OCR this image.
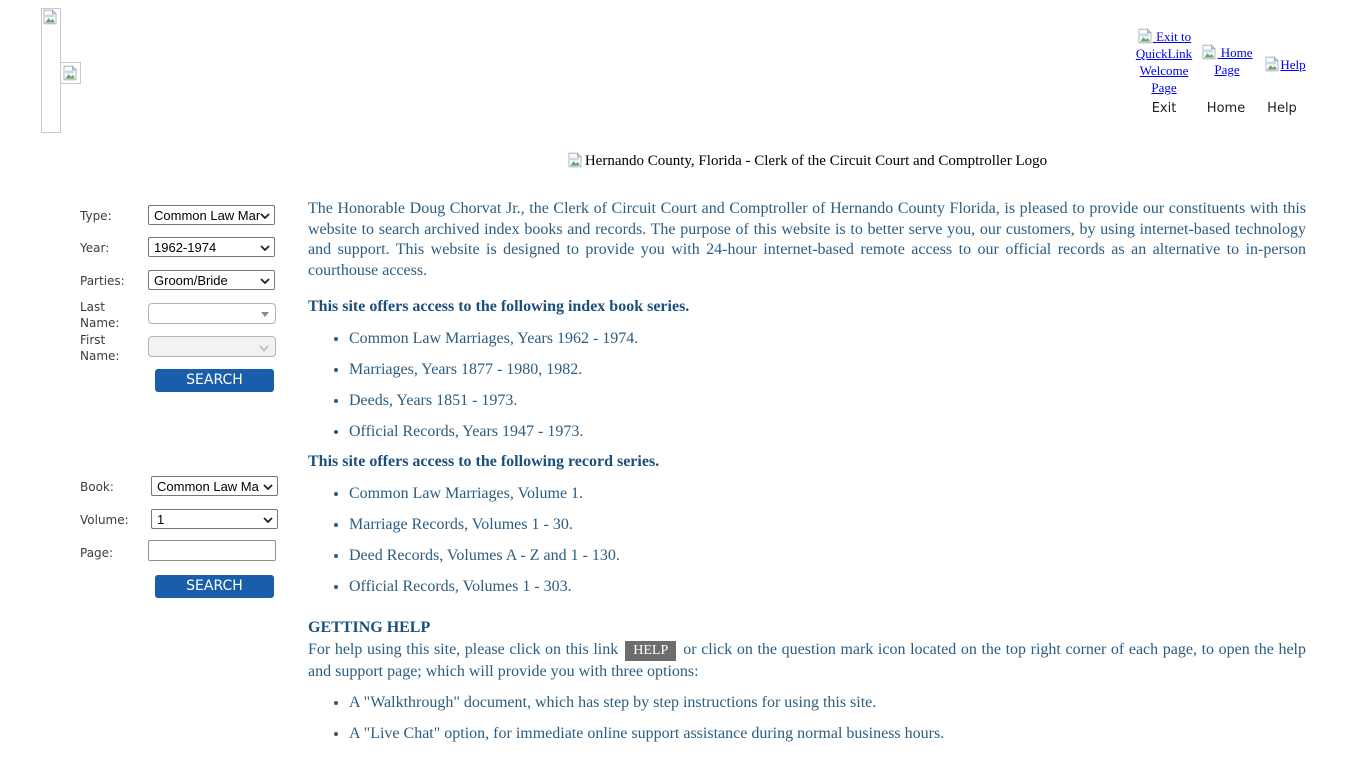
Exit to QuickLink Welcome Page
Home Page	Help
Exit	Home	Help
Hernando County, Florida - Clerk of the Circuit Court and Comptroller Logo
Type:	Common Law Mar
Year:	1962-1974
Parties:	Groom/Bride
Last Name:
First Name:
SEARCH
Book:	Common Law Ma
Volume:	1
Page:
SEARCH

The Honorable Doug Chorvat Jr., the Clerk of Circuit Court and Comptroller of Hernando County Florida, is pleased to provide our constituents with this website to search archived index books and records. The purpose of this website is to better serve you, our customers, by using internet-based technology and support. This website is designed to provide you with 24-hour internet-based remote access to our official records as an alternative to in-person courthouse access.

This site offers access to the following index book series.
• Common Law Marriages, Years 1962 - 1974.
• Marriages, Years 1877 - 1980, 1982.
• Deeds, Years 1851 - 1973.
• Official Records, Years 1947 - 1973.
This site offers access to the following record series.
• Common Law Marriages, Volume 1.
• Marriage Records, Volumes 1 - 30.
• Deed Records, Volumes A - Z and 1 - 130.
• Official Records, Volumes 1 - 303.
GETTING HELP

For help using this site, please click on this link HELP or click on the question mark icon located on the top right corner of each page, to open the help and support page; which will provide you with three options:

• A "Walkthrough" document, which has step by step instructions for using this site.
• A "Live Chat" option, for immediate online support assistance during normal business hours.
